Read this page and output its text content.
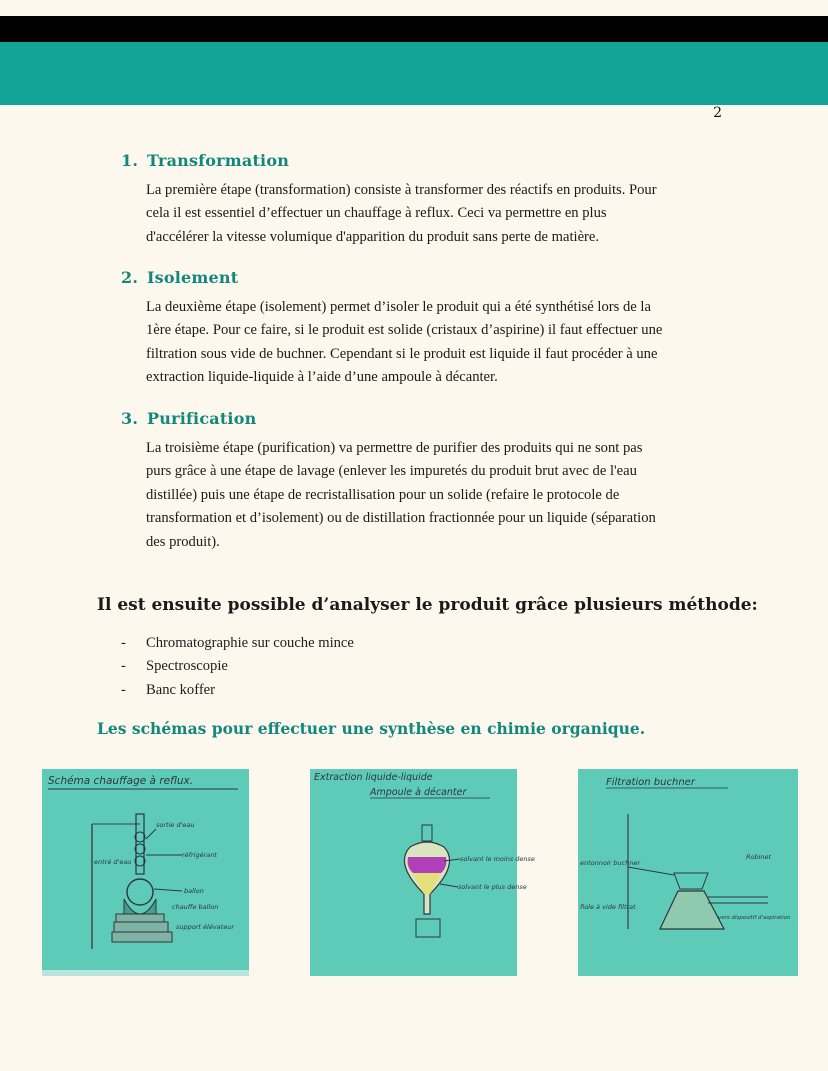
2
1. Transformation
La première étape (transformation) consiste à transformer des réactifs en produits. Pour
cela il est essentiel d’effectuer un chauffage à reflux. Ceci va permettre en plus
d'accélérer la vitesse volumique d'apparition du produit sans perte de matière.
2. Isolement
La deuxième étape (isolement) permet d’isoler le produit qui a été synthétisé lors de la
1ère étape. Pour ce faire, si le produit est solide (cristaux d’aspirine) il faut effectuer une
filtration sous vide de buchner. Cependant si le produit est liquide il faut procéder à une
extraction liquide-liquide à l’aide d’une ampoule à décanter.
3. Purification
La troisième étape (purification) va permettre de purifier des produits qui ne sont pas
purs grâce à une étape de lavage (enlever les impuretés du produit brut avec de l'eau
distillée) puis une étape de recristallisation pour un solide (refaire le protocole de
transformation et d’isolement) ou de distillation fractionnée pour un liquide (séparation
des produit).
Il est ensuite possible d’analyser le produit grâce plusieurs méthode:
- Chromatographie sur couche mince
- Spectroscopie
- Banc koffer
Les schémas pour effectuer une synthèse en chimie organique.
Schéma chauffage à reflux.
sortie d'eau
réfrigérant
entré d'eau
ballon
chauffe ballon
support élévateur
Extraction liquide-liquide
Ampoule à décanter
solvant le moins dense
solvant le plus dense
Filtration buchner
entonnoir buchner
Robinet
fiole à vide filtrat
vers dispositif d'aspiration
